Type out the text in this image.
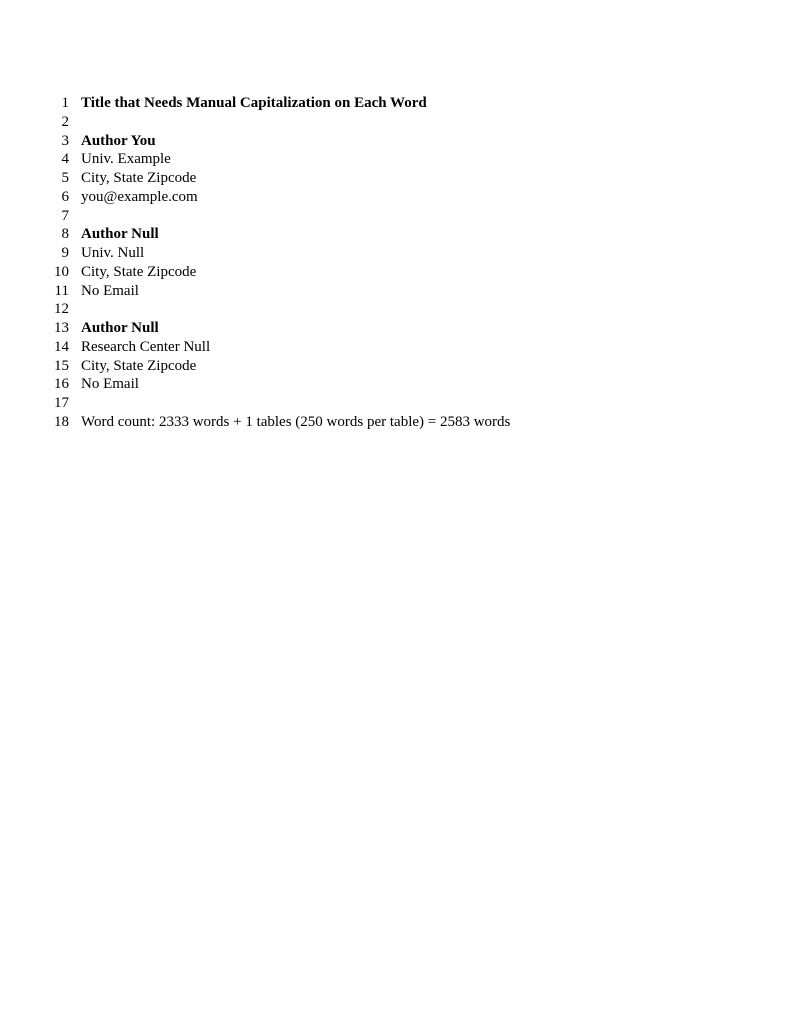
1 Title that Needs Manual Capitalization on Each Word
2
3 Author You
4 Univ. Example
5 City, State Zipcode
6 you@example.com
7
8 Author Null
9 Univ. Null
10 City, State Zipcode
11 No Email
12
13 Author Null
14 Research Center Null
15 City, State Zipcode
16 No Email
17
18 Word count: 2333 words + 1 tables (250 words per table) = 2583 words
